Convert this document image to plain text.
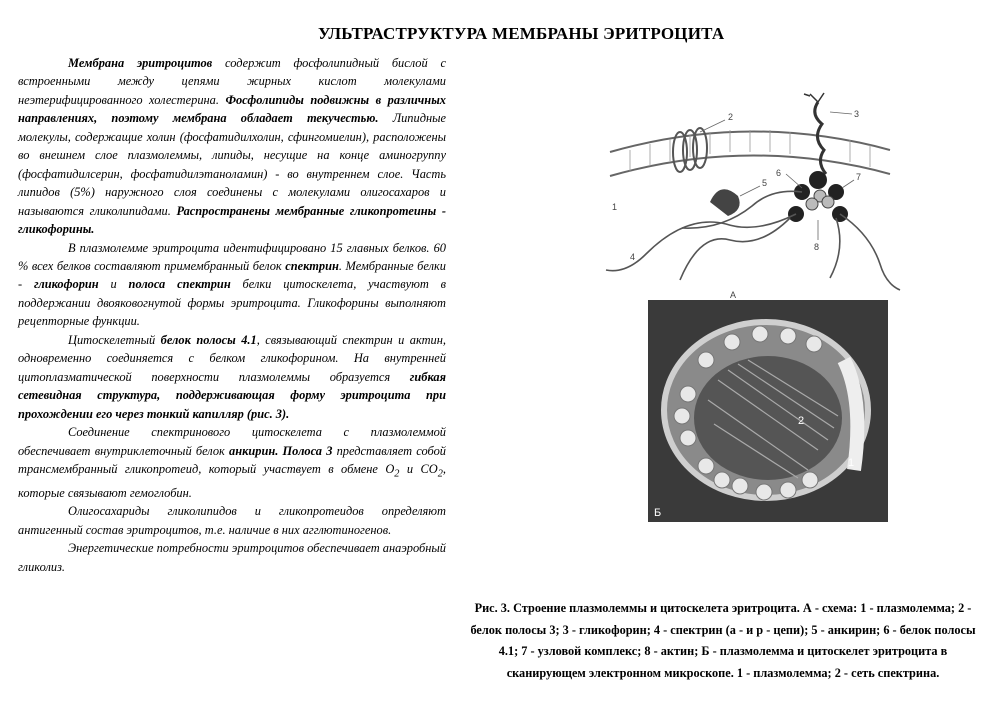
УЛЬТРАСТРУКТУРА МЕМБРАНЫ ЭРИТРОЦИТА

Мембрана эритроцитов содержит фосфолипидный бислой с встроенными между цепями жирных кислот молекулами неэтерифицированного холестерина. Фосфолипиды подвижны в различных направлениях, поэтому мембрана обладает текучестью. Липидные молекулы, содержащие холин (фосфатидилхолин, сфингомиелин), расположены во внешнем слое плазмолеммы, липиды, несущие на конце аминогруппу (фосфатидилсерин, фосфатидилэтаноламин) - во внутреннем слое. Часть липидов (5%) наружного слоя соединены с молекулами олигосахаров и называются гликолипидами. Распространены мембранные гликопротеины - гликофорины.

В плазмолемме эритроцита идентифицировано 15 главных белков. 60 % всех белков составляют примембранный белок спектрин. Мембранные белки - гликофорин и полоса спектрин белки цитоскелета, участвуют в поддержании двояковогнутой формы эритроцита. Гликофорины выполняют рецепторные функции.

Цитоскелетный белок полосы 4.1, связывающий спектрин и актин, одновременно соединяется с белком гликофорином. На внутренней цитоплазматической поверхности плазмолеммы образуется гибкая сетевидная структура, поддерживающая форму эритроцита при прохождении его через тонкий капилляр (рис. 3).

Соединение спектринового цитоскелета с плазмолеммой обеспечивает внутриклеточный белок анкирин. Полоса 3 представляет собой трансмембранный гликопротеид, который участвует в обмене $О_2$ и $СО_2$, которые связывают гемоглобин.

Олигосахариды гликолипидов и гликопротеидов определяют антигенный состав эритроцитов, т.е. наличие в них агглютиногенов.

Энергетические потребности эритроцитов обеспечивает анаэробный гликолиз.

1
2	3
4
5
6	7
8
А
2
1
Б
Рис. 3. Строение плазмолеммы и цитоскелета эритроцита. А - схема: 1 - плазмолемма; 2 - белок полосы 3; 3 - гликофорин; 4 - спектрин (а - и р - цепи); 5 - анкирин; 6 - белок полосы 4.1; 7 - узловой комплекс; 8 - актин; Б - плазмолемма и цитоскелет эритроцита в сканирующем электронном микроскопе. 1 - плазмолемма; 2 - сеть спектрина.
